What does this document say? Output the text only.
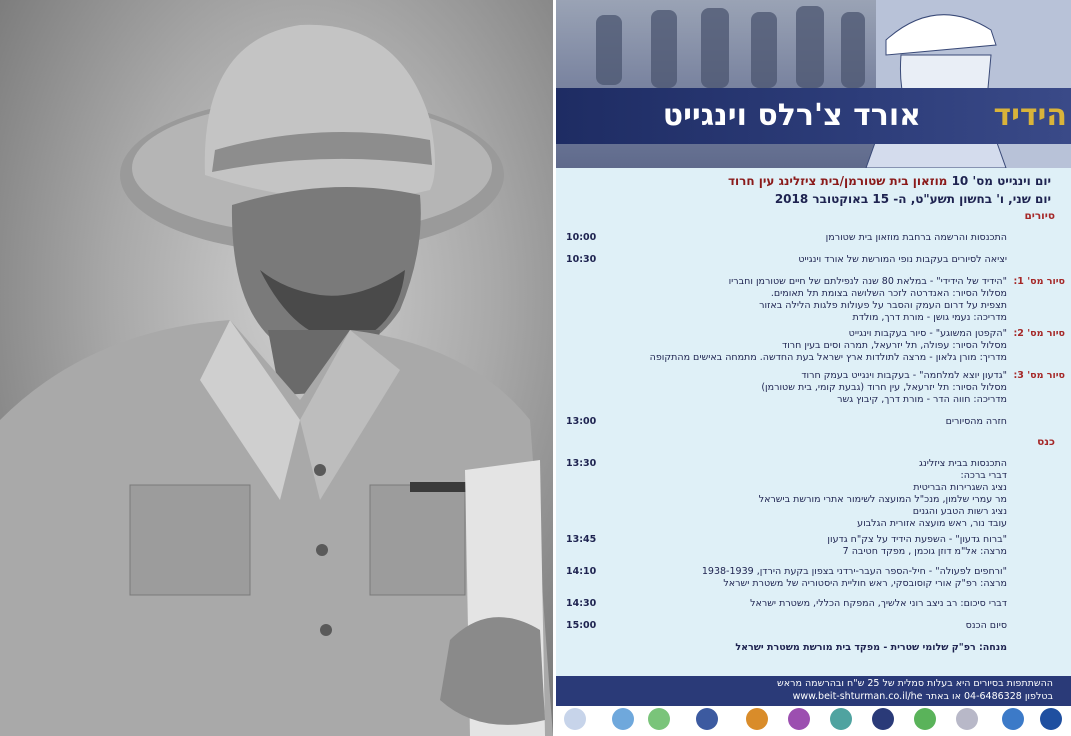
הידיד
אורד צ'רלס וינגייט
יום וינגייט מס' 10 מוזאון בית שטורמן/בית ציזלינג עין חרוד
יום שני, ו' בחשון תשע"ט, ה- 15 באוקטובר 2018
סיורים
10:00	התכנסות והרשמה ברחבת מוזאון בית שטורמן
10:30	יציאה לסיורים בעקבות נופי המורשת של אורד וינגייט
סיור מס' 1:
"הידיד של הידידי" - במלאת 80 שנה לנפילתם של חיים שטורמן וחבריו
מסלול הסיור: האנדרטה לזכר השלושה בצומת תל תאומים.
תצפית על דרום העמק והסבר על פעולות פלגות הלילה באזור
מדריכה: נעמי גושן - מורת דרך, מולדת
סיור מס' 2:
"הקפטן המשוגע" - סיור בעקבות וינגייט
מסלול הסיור: עפולה, תל יזרעאל, תמרה וסים בעין חרוד
מדריך: מורן גלאון - מרצה לתולדות ארץ ישראל בעת החדשה. מתמחה באישים מהתקופה
סיור מס' 3:
"גדעון יוצא למלחמה" - בעקבות וינגייט בעמק חרוד
מסלול הסיור: תל יזרעאל, עין חרוד (גבעת קומי, בית שטורמן)
מדריכה: חווה הדר - מורת דרך, קיבוץ גשר
13:00	חזרה מהסיורים
כנס
13:30	התכנסות בבית ציזלינג
דברי ברכה:
נציג השגרירות הבריטית
מר עמרי שלמון, מנכ"ל המועצה לשימור אתרי מורשת בישראל
נציג רשות הטבע והגנים
עובד נור, ראש מועצה אזורית הגלבוע
13:45	"ברוח גדעון" - השפעת הידיד על צק"ח גדעון
מרצה: אל"מ דוזן גוכמן , מפקד חטיבה 7
14:10	"ורחפים לפעולה" - חיל-הספר העבר-ירדני בצפון בקעת הירדן, 1938-1939
מרצה: רפ"ק אורי קוסובסקי, ראש חוליית היסטוריה של משטרת ישראל
14:30	דברי סיכום: רב ניצב רוני אלשיך, המפקח הכללי, משטרת ישראל
15:00	סיום הכנס
מנחה: רפ"ק שלומי שטרית - מפקד בית מורשת משטרת ישראל
ההשתתפות בסיורים היא בעלות סמלית של 25 ש"ח ובהרשמה מראש
בטלפון 04-6486328 או באתר www.beit-shturman.co.il/he
